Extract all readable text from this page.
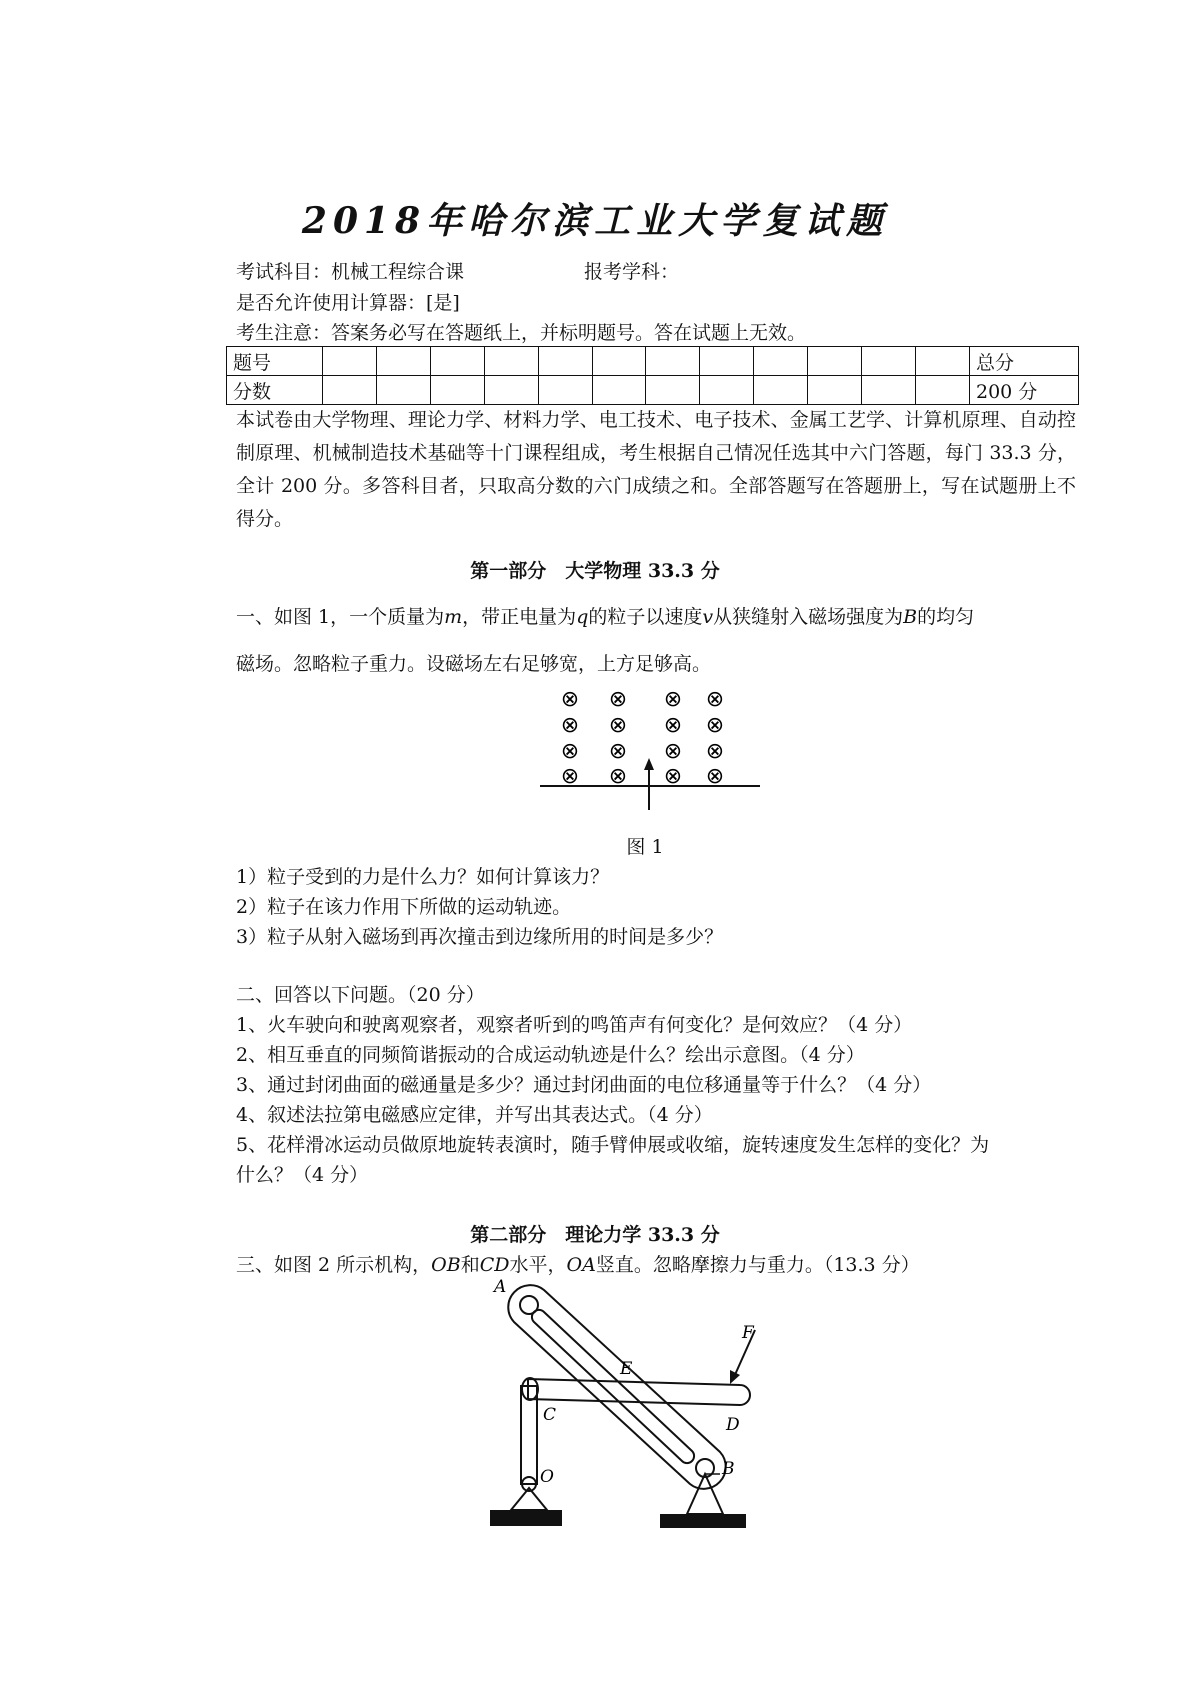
2018年哈尔滨工业大学复试题
考试科目：机械工程综合课	报考学科：
是否允许使用计算器：[是]
考生注意：答案务必写在答题纸上，并标明题号。答在试题上无效。
题号													总分
分数													200 分
本试卷由大学物理、理论力学、材料力学、电工技术、电子技术、金属工艺学、计算机原理、自动控制原理、机械制造技术基础等十门课程组成，考生根据自己情况任选其中六门答题，每门 33.3 分，全计 200 分。多答科目者，只取高分数的六门成绩之和。全部答题写在答题册上，写在试题册上不得分。
第一部分　大学物理 33.3 分
一、如图 1，一个质量为m，带正电量为q的粒子以速度v从狭缝射入磁场强度为B的均匀
磁场。忽略粒子重力。设磁场左右足够宽，上方足够高。
⊗ ⊗ ⊗ ⊗
⊗ ⊗ ⊗ ⊗
⊗ ⊗ ⊗ ⊗
⊗ ⊗ ⊗ ⊗
图 1
1）粒子受到的力是什么力？如何计算该力？
2）粒子在该力作用下所做的运动轨迹。
3）粒子从射入磁场到再次撞击到边缘所用的时间是多少？
二、回答以下问题。（20 分）
1、火车驶向和驶离观察者，观察者听到的鸣笛声有何变化？是何效应？（4 分）
2、相互垂直的同频简谐振动的合成运动轨迹是什么？绘出示意图。（4 分）
3、通过封闭曲面的磁通量是多少？通过封闭曲面的电位移通量等于什么？（4 分）
4、叙述法拉第电磁感应定律，并写出其表达式。（4 分）
5、花样滑冰运动员做原地旋转表演时，随手臂伸展或收缩，旋转速度发生怎样的变化？为
什么？（4 分）
第二部分　理论力学 33.3 分
三、如图 2 所示机构，OB和CD水平，OA竖直。忽略摩擦力与重力。（13.3 分）
A
F
E
C	D
O	B
